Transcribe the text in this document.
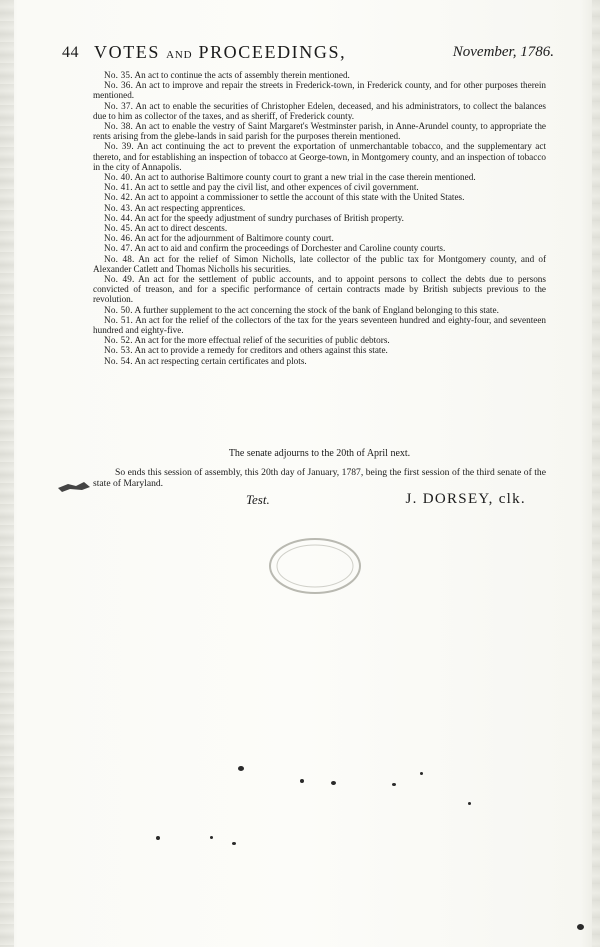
44 VOTES AND PROCEEDINGS,	November, 1786.

No. 35. An act to continue the acts of assembly therein mentioned.

No. 36. An act to improve and repair the streets in Frederick-town, in Frederick county, and for other purposes therein mentioned.

No. 37. An act to enable the securities of Christopher Edelen, deceased, and his administrators, to collect the balances due to him as collector of the taxes, and as sheriff, of Frederick county.

No. 38. An act to enable the vestry of Saint Margaret's Westminster parish, in Anne-Arundel county, to appropriate the rents arising from the glebe-lands in said parish for the purposes therein mentioned.

No. 39. An act continuing the act to prevent the exportation of unmerchantable tobacco, and the supplementary act thereto, and for establishing an inspection of tobacco at George-town, in Montgomery county, and an inspection of tobacco in the city of Annapolis.

No. 40. An act to authorise Baltimore county court to grant a new trial in the case therein mentioned.

No. 41. An act to settle and pay the civil list, and other expences of civil government.

No. 42. An act to appoint a commissioner to settle the account of this state with the United States.

No. 43. An act respecting apprentices.

No. 44. An act for the speedy adjustment of sundry purchases of British property.

No. 45. An act to direct descents.

No. 46. An act for the adjournment of Baltimore county court.

No. 47. An act to aid and confirm the proceedings of Dorchester and Caroline county courts.

No. 48. An act for the relief of Simon Nicholls, late collector of the public tax for Montgomery county, and of Alexander Catlett and Thomas Nicholls his securities.

No. 49. An act for the settlement of public accounts, and to appoint persons to collect the debts due to persons convicted of treason, and for a specific performance of certain contracts made by British subjects previous to the revolution.

No. 50. A further supplement to the act concerning the stock of the bank of England belonging to this state.

No. 51. An act for the relief of the collectors of the tax for the years seventeen hundred and eighty-four, and seventeen hundred and eighty-five.

No. 52. An act for the more effectual relief of the securities of public debtors.

No. 53. An act to provide a remedy for creditors and others against this state.

No. 54. An act respecting certain certificates and plots.

The senate adjourns to the 20th of April next.
So ends this session of assembly, this 20th day of January, 1787, being the first session of the third senate of the state of Maryland.
Test.	J. DORSEY, clk.
